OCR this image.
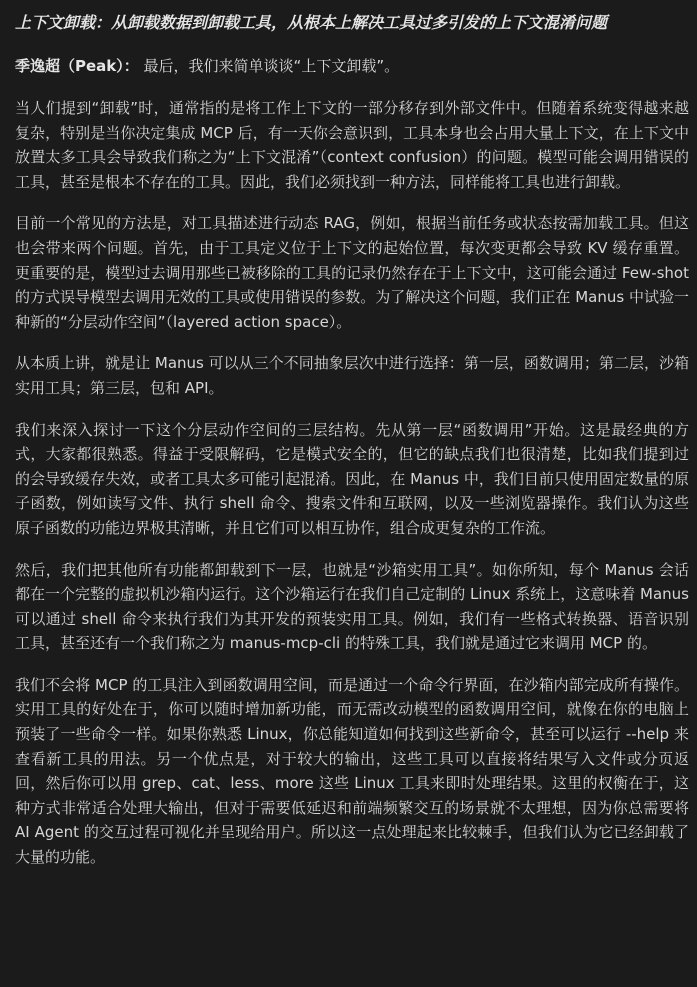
上下文卸载：从卸载数据到卸载工具，从根本上解决工具过多引发的上下文混淆问题
季逸超（Peak）： 最后，我们来简单谈谈“上下文卸载”。

当人们提到“卸载”时，通常指的是将工作上下文的一部分移存到外部文件中。但随着系统变得越来越复杂，特别是当你决定集成 MCP 后，有一天你会意识到，工具本身也会占用大量上下文，在上下文中放置太多工具会导致我们称之为“上下文混淆”（context confusion）的问题。模型可能会调用错误的工具，甚至是根本不存在的工具。因此，我们必须找到一种方法，同样能将工具也进行卸载。

目前一个常见的方法是，对工具描述进行动态 RAG，例如，根据当前任务或状态按需加载工具。但这也会带来两个问题。首先，由于工具定义位于上下文的起始位置，每次变更都会导致 KV 缓存重置。更重要的是，模型过去调用那些已被移除的工具的记录仍然存在于上下文中，这可能会通过 Few-shot 的方式误导模型去调用无效的工具或使用错误的参数。为了解决这个问题，我们正在 Manus 中试验一种新的“分层动作空间”（layered action space）。

从本质上讲，就是让 Manus 可以从三个不同抽象层次中进行选择：第一层，函数调用；第二层，沙箱实用工具；第三层，包和 API。

我们来深入探讨一下这个分层动作空间的三层结构。先从第一层“函数调用”开始。这是最经典的方式，大家都很熟悉。得益于受限解码，它是模式安全的，但它的缺点我们也很清楚，比如我们提到过的会导致缓存失效，或者工具太多可能引起混淆。因此，在 Manus 中，我们目前只使用固定数量的原子函数，例如读写文件、执行 shell 命令、搜索文件和互联网，以及一些浏览器操作。我们认为这些原子函数的功能边界极其清晰，并且它们可以相互协作，组合成更复杂的工作流。

然后，我们把其他所有功能都卸载到下一层，也就是“沙箱实用工具”。如你所知，每个 Manus 会话都在一个完整的虚拟机沙箱内运行。这个沙箱运行在我们自己定制的 Linux 系统上，这意味着 Manus 可以通过 shell 命令来执行我们为其开发的预装实用工具。例如，我们有一些格式转换器、语音识别工具，甚至还有一个我们称之为 manus-mcp-cli 的特殊工具，我们就是通过它来调用 MCP 的。

我们不会将 MCP 的工具注入到函数调用空间，而是通过一个命令行界面，在沙箱内部完成所有操作。实用工具的好处在于，你可以随时增加新功能，而无需改动模型的函数调用空间，就像在你的电脑上预装了一些命令一样。如果你熟悉 Linux，你总能知道如何找到这些新命令，甚至可以运行 --help 来查看新工具的用法。另一个优点是，对于较大的输出，这些工具可以直接将结果写入文件或分页返回，然后你可以用 grep、cat、less、more 这些 Linux 工具来即时处理结果。这里的权衡在于，这种方式非常适合处理大输出，但对于需要低延迟和前端频繁交互的场景就不太理想，因为你总需要将 AI Agent 的交互过程可视化并呈现给用户。所以这一点处理起来比较棘手，但我们认为它已经卸载了大量的功能。
